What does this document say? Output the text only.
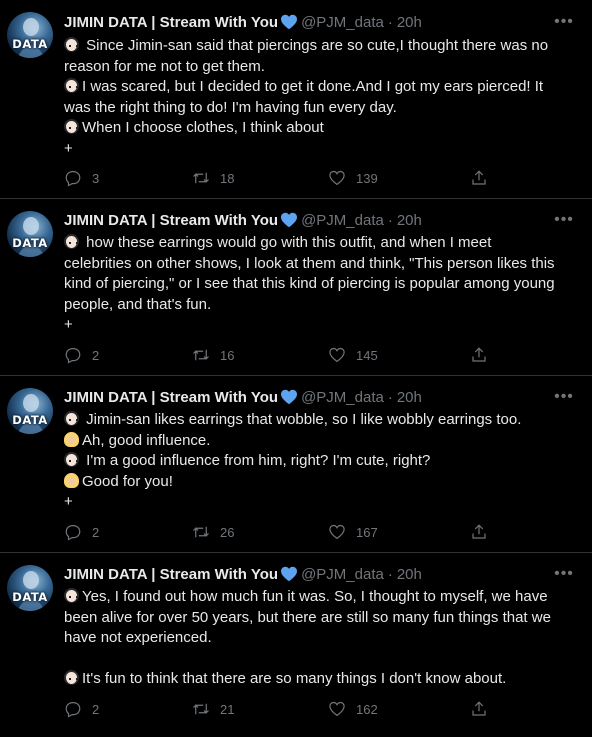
DATA
JIMIN DATA | Stream With You @PJM_data · 20h	•••
Since Jimin-san said that piercings are so cute,I thought there was no
reason for me not to get them.
I was scared, but I decided to get it done.And I got my ears pierced! It
was the right thing to do! I'm having fun every day.
When I choose clothes, I think about
+
3	18	139
DATA
JIMIN DATA | Stream With You @PJM_data · 20h	•••
how these earrings would go with this outfit, and when I meet
celebrities on other shows, I look at them and think, "This person likes this
kind of piercing," or I see that this kind of piercing is popular among young
people, and that's fun.
+
2	16	145
DATA
JIMIN DATA | Stream With You @PJM_data · 20h	•••
Jimin-san likes earrings that wobble, so I like wobbly earrings too.
Ah, good influence.
I'm a good influence from him, right? I'm cute, right?
Good for you!
+
2	26	167
DATA
JIMIN DATA | Stream With You @PJM_data · 20h	•••
Yes, I found out how much fun it was. So, I thought to myself, we have
been alive for over 50 years, but there are still so many fun things that we
have not experienced.
It's fun to think that there are so many things I don't know about.
2	21	162
